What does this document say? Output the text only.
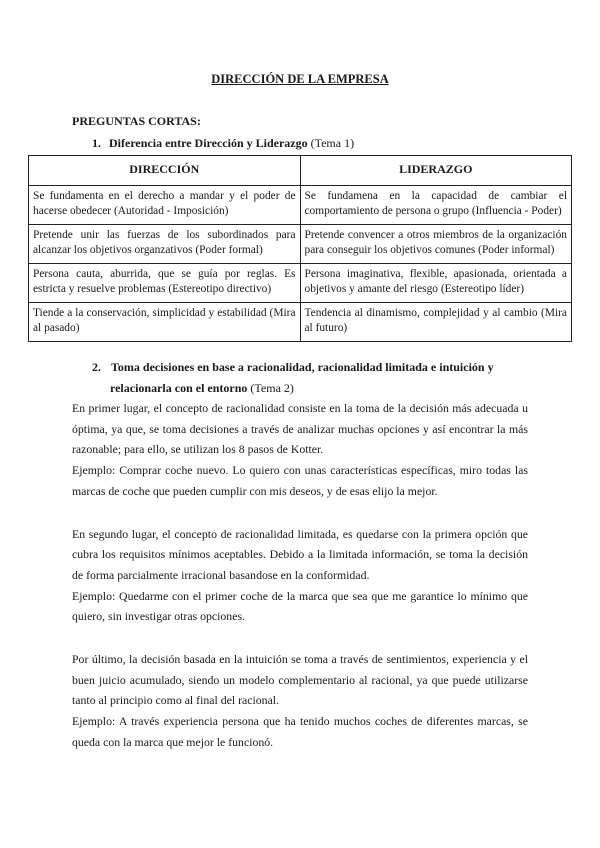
DIRECCIÓN DE LA EMPRESA
PREGUNTAS CORTAS:
1. Diferencia entre Dirección y Liderazgo (Tema 1)
DIRECCIÓN	LIDERAZGO
Se fundamenta en el derecho a mandar y el poder de hacerse obedecer (Autoridad - Imposición)	Se fundamena en la capacidad de cambiar el comportamiento de persona o grupo (Influencia - Poder)
Pretende unir las fuerzas de los subordinados para alcanzar los objetivos organzativos (Poder formal)	Pretende convencer a otros miembros de la organización para conseguir los objetivos comunes (Poder informal)
Persona cauta, aburrida, que se guía por reglas. Es estricta y resuelve problemas (Estereotipo directivo)	Persona imaginativa, flexible, apasionada, orientada a objetivos y amante del riesgo (Estereotipo líder)
Tiende a la conservación, simplicidad y estabilidad (Mira al pasado)	Tendencia al dinamismo, complejidad y al cambio (Mira al futuro)
2. Toma decisiones en base a racionalidad, racionalidad limitada e intuición y
relacionarla con el entorno (Tema 2)

En primer lugar, el concepto de racionalidad consiste en la toma de la decisión más adecuada u óptima, ya que, se toma decisiones a través de analizar muchas opciones y así encontrar la más razonable; para ello, se utilizan los 8 pasos de Kotter.

Ejemplo: Comprar coche nuevo. Lo quiero con unas características específicas, miro todas las marcas de coche que pueden cumplir con mis deseos, y de esas elijo la mejor.

En segundo lugar, el concepto de racionalidad limitada, es quedarse con la primera opción que cubra los requisitos mínimos aceptables. Debido a la limitada información, se toma la decisión de forma parcialmente irracional basandose en la conformidad.

Ejemplo: Quedarme con el primer coche de la marca que sea que me garantice lo mínimo que quiero, sin investigar otras opciones.

Por último, la decisión basada en la intuición se toma a través de sentimientos, experiencia y el buen juicio acumulado, siendo un modelo complementario al racional, ya que puede utilizarse tanto al principio como al final del racional.

Ejemplo: A través experiencia persona que ha tenido muchos coches de diferentes marcas, se queda con la marca que mejor le funcionó.
